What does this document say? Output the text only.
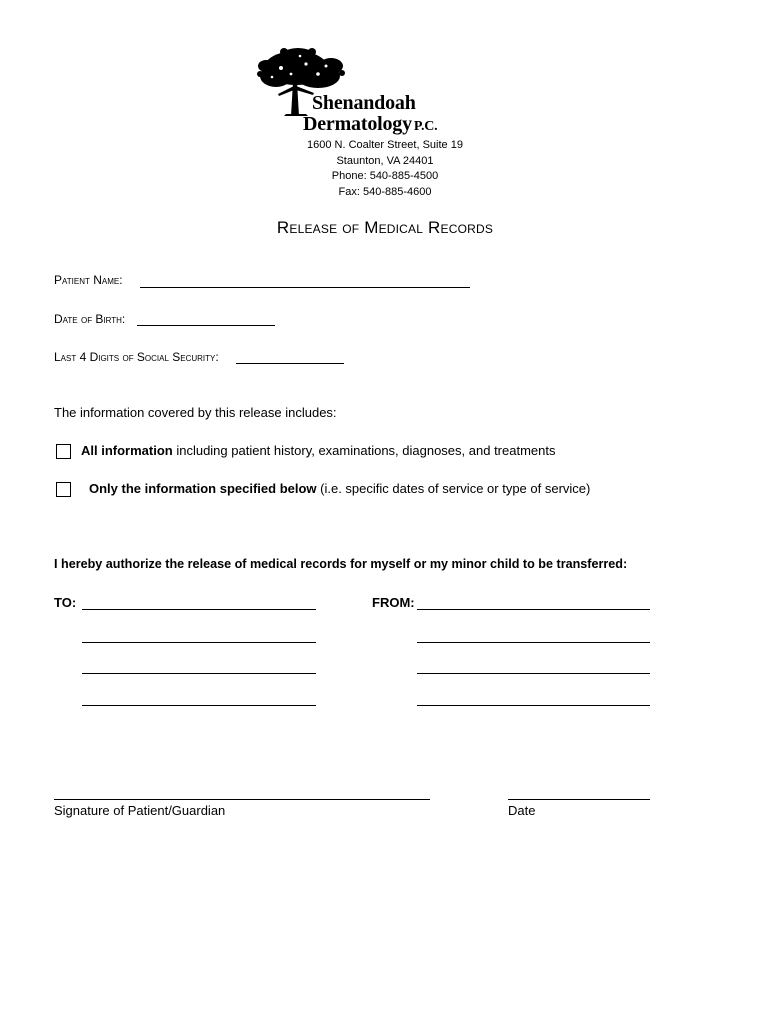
Shenandoah
Dermatology P.C.
1600 N. Coalter Street, Suite 19
Staunton, VA 24401
Phone: 540-885-4500
Fax: 540-885-4600
Release of Medical Records
Patient Name:
Date of Birth:
Last 4 Digits of Social Security:
The information covered by this release includes:
All information including patient history, examinations, diagnoses, and treatments
Only the information specified below (i.e. specific dates of service or type of service)
I hereby authorize the release of medical records for myself or my minor child to be transferred:
TO:	FROM:
Signature of Patient/Guardian	Date
